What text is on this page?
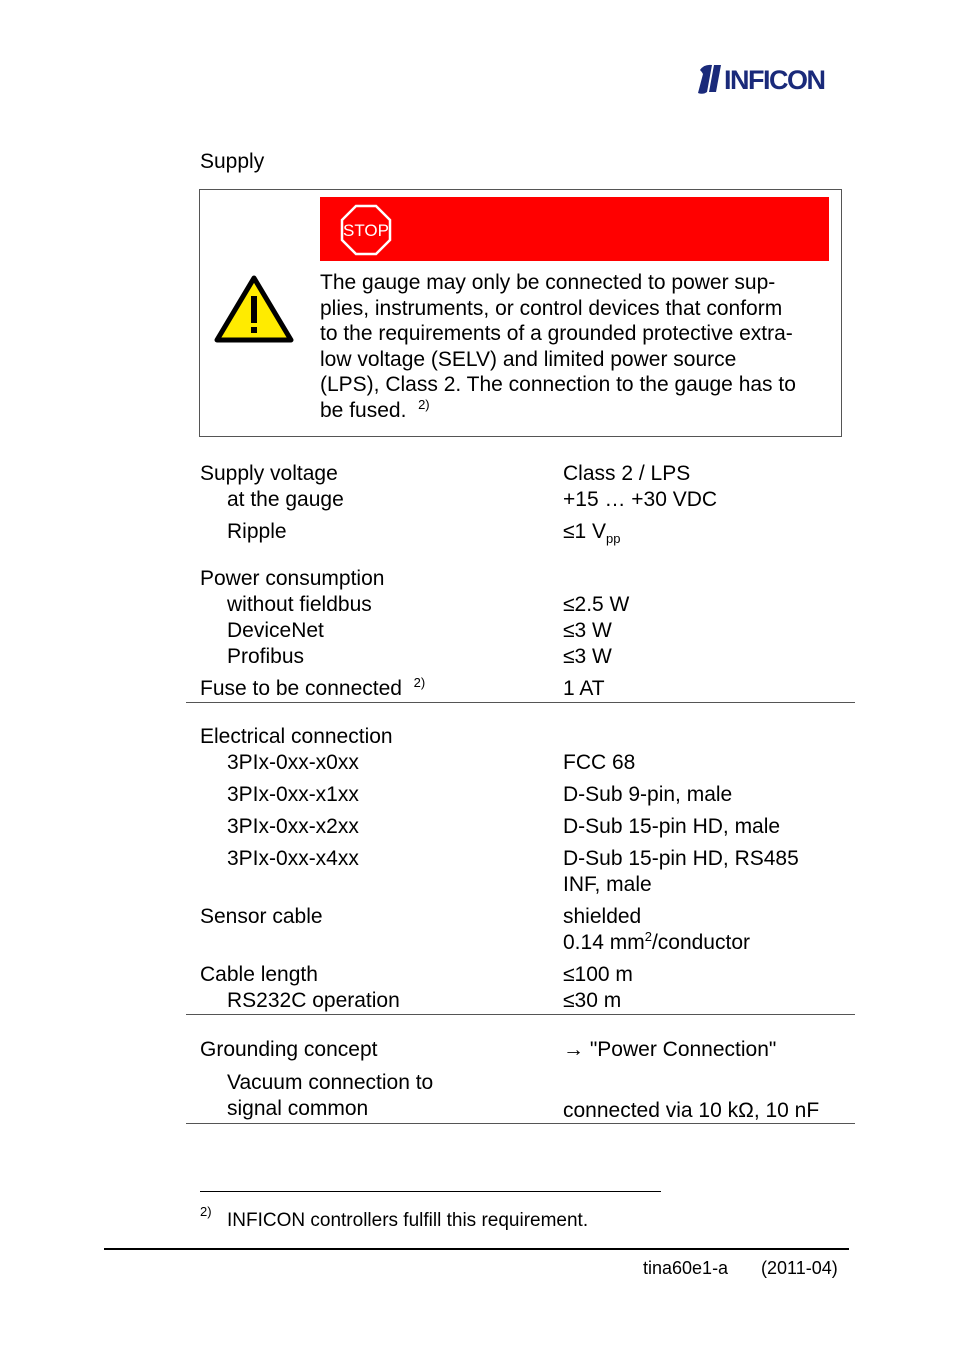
INFICON
Supply
STOP
The gauge may only be connected to power sup-
plies, instruments, or control devices that conform
to the requirements of a grounded protective extra-
low voltage (SELV) and limited power source
(LPS), Class 2. The connection to the gauge has to
be fused. $^{2)}$
Supply voltage	Class 2 / LPS
at the gauge	+15 … +30 VDC
Ripple	≤1 $V_{pp}$
Power consumption
without fieldbus	≤2.5 W
DeviceNet	≤3 W
Profibus	≤3 W
Fuse to be connected $^{2)}$	1 AT
Electrical connection
3PIx-0xx-x0xx	FCC 68
3PIx-0xx-x1xx	D-Sub 9-pin, male
3PIx-0xx-x2xx	D-Sub 15-pin HD, male
3PIx-0xx-x4xx	D-Sub 15-pin HD, RS485
INF, male
Sensor cable	shielded
0.14 $mm^2$/conductor
Cable length	≤100 m
RS232C operation	≤30 m
Grounding concept	→ "Power Connection"
Vacuum connection to
signal common	connected via 10 kΩ, 10 nF
2) INFICON controllers fulfill this requirement.
tina60e1-a (2011-04)
